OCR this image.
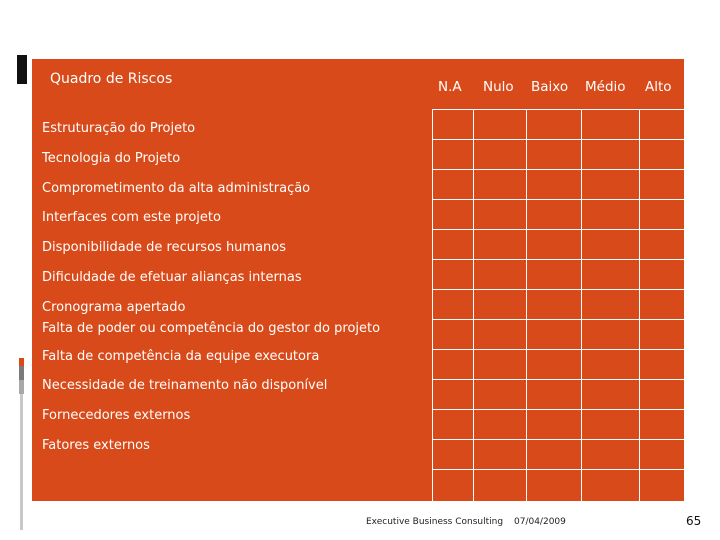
Quadro de Riscos	N.A Nulo Baixo Médio Alto
Estruturação do Projeto
Tecnologia do Projeto
Comprometimento da alta administração
Interfaces com este projeto
Disponibilidade de recursos humanos
Dificuldade de efetuar alianças internas
Cronograma apertado
Falta de poder ou competência do gestor do projeto
Falta de competência da equipe executora
Necessidade de treinamento não disponível
Fornecedores externos
Fatores externos
Executive Business Consulting 07/04/2009	65
